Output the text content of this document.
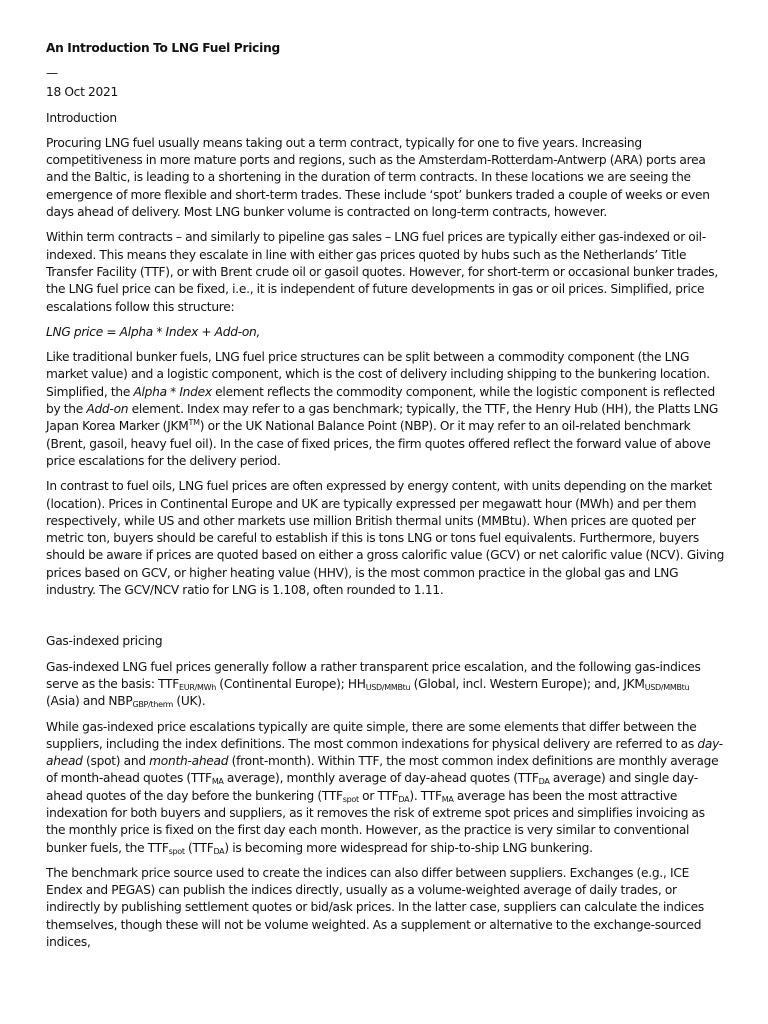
An Introduction To LNG Fuel Pricing

—

18 Oct 2021

Introduction

Procuring LNG fuel usually means taking out a term contract, typically for one to five years. Increasing competitiveness in more mature ports and regions, such as the Amsterdam-Rotterdam-Antwerp (ARA) ports area and the Baltic, is leading to a shortening in the duration of term contracts. In these locations we are seeing the emergence of more flexible and short-term trades. These include ‘spot’ bunkers traded a couple of weeks or even days ahead of delivery. Most LNG bunker volume is contracted on long-term contracts, however.

Within term contracts – and similarly to pipeline gas sales – LNG fuel prices are typically either gas-indexed or oil-indexed. This means they escalate in line with either gas prices quoted by hubs such as the Netherlands’ Title Transfer Facility (TTF), or with Brent crude oil or gasoil quotes. However, for short-term or occasional bunker trades, the LNG fuel price can be fixed, i.e., it is independent of future developments in gas or oil prices. Simplified, price escalations follow this structure:

LNG price = Alpha * Index + Add-on,

Like traditional bunker fuels, LNG fuel price structures can be split between a commodity component (the LNG market value) and a logistic component, which is the cost of delivery including shipping to the bunkering location. Simplified, the Alpha * Index element reflects the commodity component, while the logistic component is reflected by the Add-on element. Index may refer to a gas benchmark; typically, the TTF, the Henry Hub (HH), the Platts LNG Japan Korea Marker (JKM™) or the UK National Balance Point (NBP). Or it may refer to an oil-related benchmark (Brent, gasoil, heavy fuel oil). In the case of fixed prices, the firm quotes offered reflect the forward value of above price escalations for the delivery period.

In contrast to fuel oils, LNG fuel prices are often expressed by energy content, with units depending on the market (location). Prices in Continental Europe and UK are typically expressed per megawatt hour (MWh) and per them respectively, while US and other markets use million British thermal units (MMBtu). When prices are quoted per metric ton, buyers should be careful to establish if this is tons LNG or tons fuel equivalents. Furthermore, buyers should be aware if prices are quoted based on either a gross calorific value (GCV) or net calorific value (NCV). Giving prices based on GCV, or higher heating value (HHV), is the most common practice in the global gas and LNG industry. The GCV/NCV ratio for LNG is 1.108, often rounded to 1.11.

Gas-indexed pricing

Gas-indexed LNG fuel prices generally follow a rather transparent price escalation, and the following gas-indices serve as the basis: $TTF_{EUR/MWh}$ (Continental Europe); $HH_{USD/MMBtu}$ (Global, incl. Western Europe); and, $JKM_{USD/MMBtu}$ (Asia) and $NBP_{GBP/therm}$ (UK).

While gas-indexed price escalations typically are quite simple, there are some elements that differ between the suppliers, including the index definitions. The most common indexations for physical delivery are referred to as day-ahead (spot) and month-ahead (front-month). Within TTF, the most common index definitions are monthly average of month-ahead quotes ($TTF_{MA}$ average), monthly average of day-ahead quotes ($TTF_{DA}$ average) and single day-ahead quotes of the day before the bunkering ($TTF_{spot}$ or $TTF_{DA}$). $TTF_{MA}$ average has been the most attractive indexation for both buyers and suppliers, as it removes the risk of extreme spot prices and simplifies invoicing as the monthly price is fixed on the first day each month. However, as the practice is very similar to conventional bunker fuels, the $TTF_{spot}$ $(TTF_{DA})$ is becoming more widespread for ship-to-ship LNG bunkering.

The benchmark price source used to create the indices can also differ between suppliers. Exchanges (e.g., ICE Endex and PEGAS) can publish the indices directly, usually as a volume-weighted average of daily trades, or indirectly by publishing settlement quotes or bid/ask prices. In the latter case, suppliers can calculate the indices themselves, though these will not be volume weighted. As a supplement or alternative to the exchange-sourced indices,
